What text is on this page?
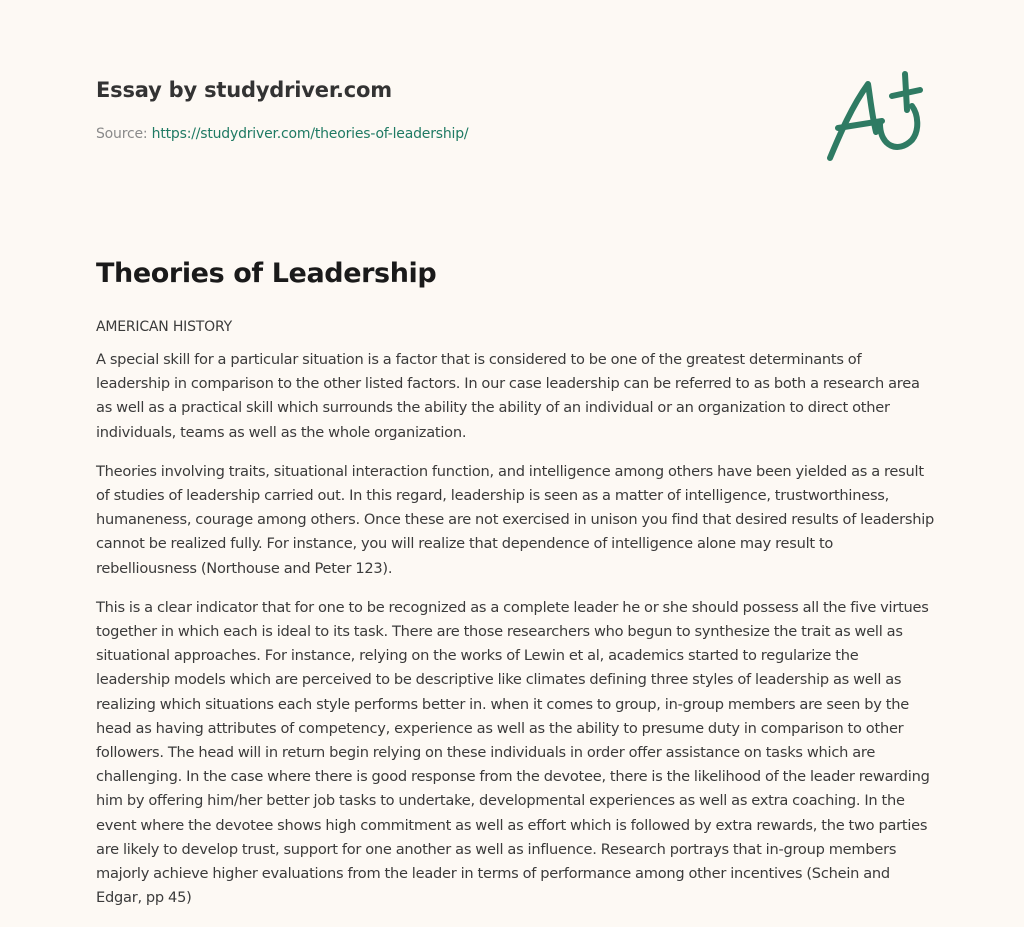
Essay by studydriver.com
Source: https://studydriver.com/theories-of-leadership/
Theories of Leadership
AMERICAN HISTORY

A special skill for a particular situation is a factor that is considered to be one of the greatest determinants of leadership in comparison to the other listed factors. In our case leadership can be referred to as both a research area as well as a practical skill which surrounds the ability the ability of an individual or an organization to direct other individuals, teams as well as the whole organization.

Theories involving traits, situational interaction function, and intelligence among others have been yielded as a result of studies of leadership carried out. In this regard, leadership is seen as a matter of intelligence, trustworthiness, humaneness, courage among others. Once these are not exercised in unison you find that desired results of leadership cannot be realized fully. For instance, you will realize that dependence of intelligence alone may result to rebelliousness (Northouse and Peter 123).

This is a clear indicator that for one to be recognized as a complete leader he or she should possess all the five virtues together in which each is ideal to its task. There are those researchers who begun to synthesize the trait as well as situational approaches. For instance, relying on the works of Lewin et al, academics started to regularize the leadership models which are perceived to be descriptive like climates defining three styles of leadership as well as realizing which situations each style performs better in. when it comes to group, in-group members are seen by the head as having attributes of competency, experience as well as the ability to presume duty in comparison to other followers. The head will in return begin relying on these individuals in order offer assistance on tasks which are challenging. In the case where there is good response from the devotee, there is the likelihood of the leader rewarding him by offering him/her better job tasks to undertake, developmental experiences as well as extra coaching. In the event where the devotee shows high commitment as well as effort which is followed by extra rewards, the two parties are likely to develop trust, support for one another as well as influence. Research portrays that in-group members majorly achieve higher evaluations from the leader in terms of performance among other incentives (Schein and Edgar, pp 45)
